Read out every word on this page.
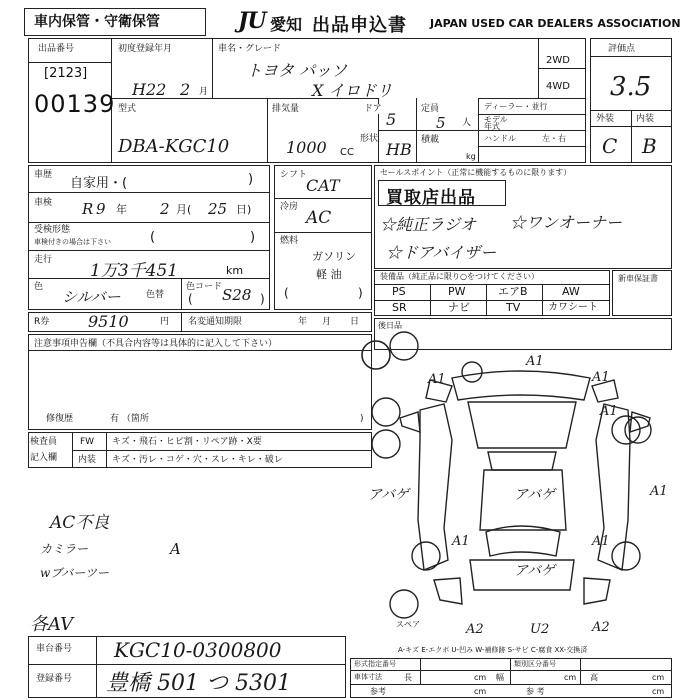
車内保管・守衛保管	JU 愛知 出品申込書 JAPAN USED CAR DEALERS ASSOCIATION
出品番号
[2123]
00139
初度登録年月
H22 2 月
車名・グレード
トヨタ パッソ
X イロドリ
2WD
4WD
型式
DBA-KGC10
排気量
1000 CC
ドア
5
形状
HB
定員
5 人
積載
kg
ディーラー・並行
モデル
年式
ハンドル	左・右
評価点
3.5
外装 内装
C B
車歴
自家用・(	)
車検 R 9 年 2 月( 25 日)
受検形態
車検付きの場合は下さい	(	)
走行
1万3千451	km
色
シルバー	色替
色コード S28
(	)
シフト
CAT
冷房
AC
燃料
ガソリン
軽 油
(	)
R券 9510	円 名変通知期限	年 月 日
注意事項申告欄（不具合内容等は具体的に記入して下さい）
修復歴	有 （箇所	)
セールスポイント（正常に機能するものに限ります）
買取店出品
☆純正ラジオ ☆ワンオーナー
☆ドアバイザー
装備品（純正品に限り○をつけてください）
PS	PW	エアB	AW
SR	ナビ	TV	カワシート
新車保証書
後日品
検査員
記入欄
FW キズ・飛石・ヒビ割・リペア跡・X要
内装 キズ・汚レ・コゲ・穴・スレ・キレ・破レ
AC不良
カミラー
wブバーツー
A
各AV
A1
A1	A1
A1
A1
A1	A1
A2	U2	A2
アバゲ	アバゲ
アバゲ
スペア
A-キズ E-エクボ U-凹み W-補修跡 S-サビ C-腐食 XX-交換済
車台番号 KGC10-0300800
登録番号 豊橋 501 つ 5301
形式指定番号	類別区分番号
車体寸法	長	cm 幅	cm 高	cm
参考	cm	参 考	cm
